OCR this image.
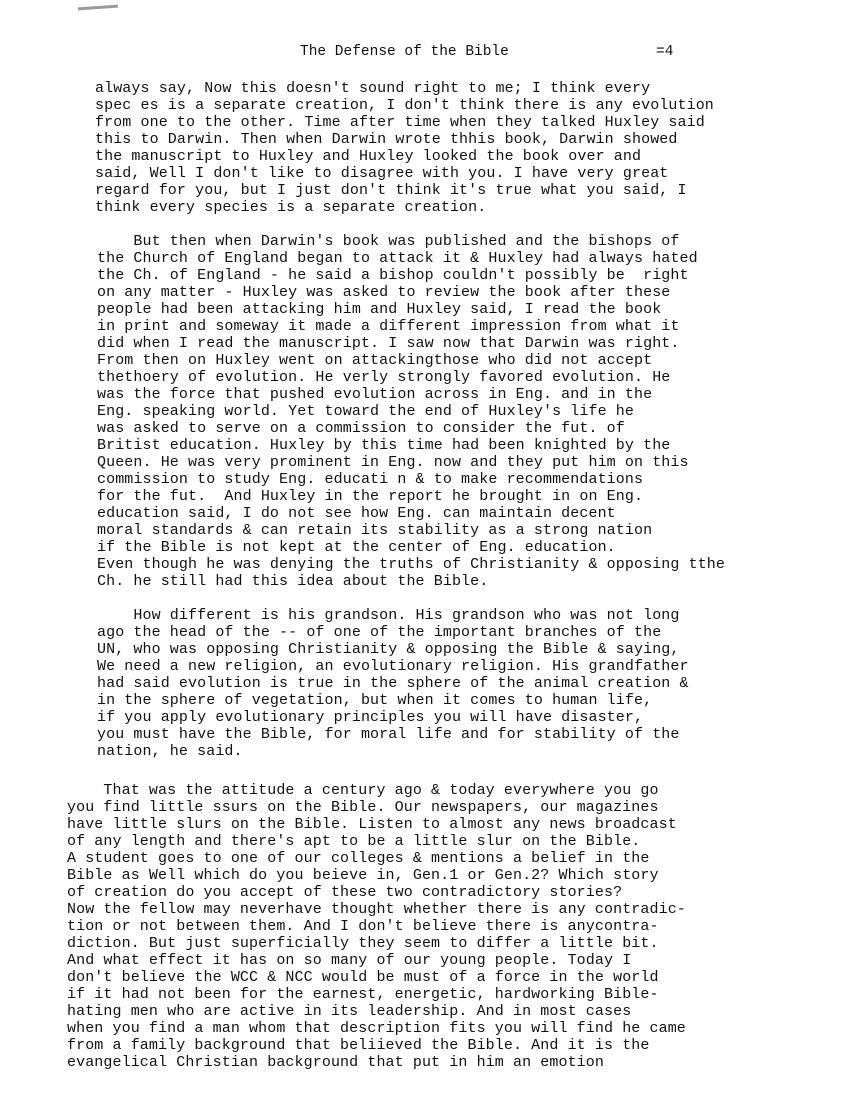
The Defense of the Bible	=4
always say, Now this doesn't sound right to me; I think every
spec es is a separate creation, I don't think there is any evolution
from one to the other. Time after time when they talked Huxley said
this to Darwin. Then when Darwin wrote thhis book, Darwin showed
the manuscript to Huxley and Huxley looked the book over and
said, Well I don't like to disagree with you. I have very great
regard for you, but I just don't think it's true what you said, I
think every species is a separate creation.
But then when Darwin's book was published and the bishops of
the Church of England began to attack it & Huxley had always hated
the Ch. of England - he said a bishop couldn't possibly be  right
on any matter - Huxley was asked to review the book after these
people had been attacking him and Huxley said, I read the book
in print and someway it made a different impression from what it
did when I read the manuscript. I saw now that Darwin was right.
From then on Huxley went on attackingthose who did not accept
thethoery of evolution. He verly strongly favored evolution. He
was the force that pushed evolution across in Eng. and in the
Eng. speaking world. Yet toward the end of Huxley's life he
was asked to serve on a commission to consider the fut. of
Britist education. Huxley by this time had been knighted by the
Queen. He was very prominent in Eng. now and they put him on this
commission to study Eng. educati n & to make recommendations
for the fut.  And Huxley in the report he brought in on Eng.
education said, I do not see how Eng. can maintain decent
moral standards & can retain its stability as a strong nation
if the Bible is not kept at the center of Eng. education.
Even though he was denying the truths of Christianity & opposing tthe
Ch. he still had this idea about the Bible.
How different is his grandson. His grandson who was not long
ago the head of the -- of one of the important branches of the
UN, who was opposing Christianity & opposing the Bible & saying,
We need a new religion, an evolutionary religion. His grandfather
had said evolution is true in the sphere of the animal creation &
in the sphere of vegetation, but when it comes to human life,
if you apply evolutionary principles you will have disaster,
you must have the Bible, for moral life and for stability of the
nation, he said.
That was the attitude a century ago & today everywhere you go
you find little ssurs on the Bible. Our newspapers, our magazines
have little slurs on the Bible. Listen to almost any news broadcast
of any length and there's apt to be a little slur on the Bible.
A student goes to one of our colleges & mentions a belief in the
Bible as Well which do you beieve in, Gen.1 or Gen.2? Which story
of creation do you accept of these two contradictory stories?
Now the fellow may neverhave thought whether there is any contradic-
tion or not between them. And I don't believe there is anycontra-
diction. But just superficially they seem to differ a little bit.
And what effect it has on so many of our young people. Today I
don't believe the WCC & NCC would be must of a force in the world
if it had not been for the earnest, energetic, hardworking Bible-
hating men who are active in its leadership. And in most cases
when you find a man whom that description fits you will find he came
from a family background that beliieved the Bible. And it is the
evangelical Christian background that put in him an emotion
